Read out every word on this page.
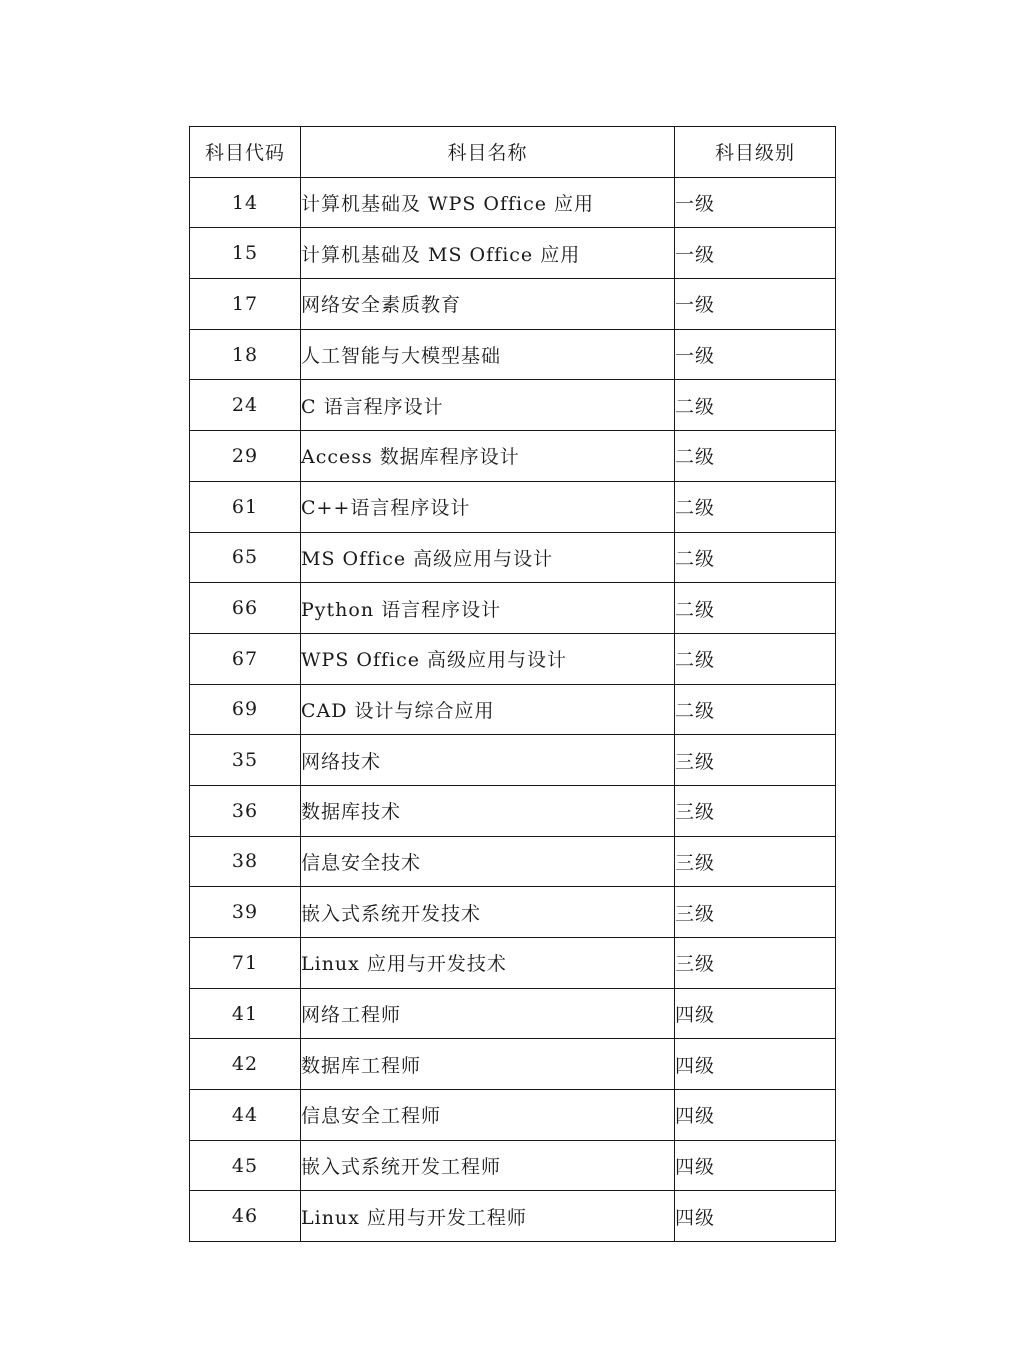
科目代码	科目名称	科目级别
14	计算机基础及 WPS Office 应用	一级
15	计算机基础及 MS Office 应用	一级
17	网络安全素质教育	一级
18	人工智能与大模型基础	一级
24	C 语言程序设计	二级
29	Access 数据库程序设计	二级
61	C++语言程序设计	二级
65	MS Office 高级应用与设计	二级
66	Python 语言程序设计	二级
67	WPS Office 高级应用与设计	二级
69	CAD 设计与综合应用	二级
35	网络技术	三级
36	数据库技术	三级
38	信息安全技术	三级
39	嵌入式系统开发技术	三级
71	Linux 应用与开发技术	三级
41	网络工程师	四级
42	数据库工程师	四级
44	信息安全工程师	四级
45	嵌入式系统开发工程师	四级
46	Linux 应用与开发工程师	四级
